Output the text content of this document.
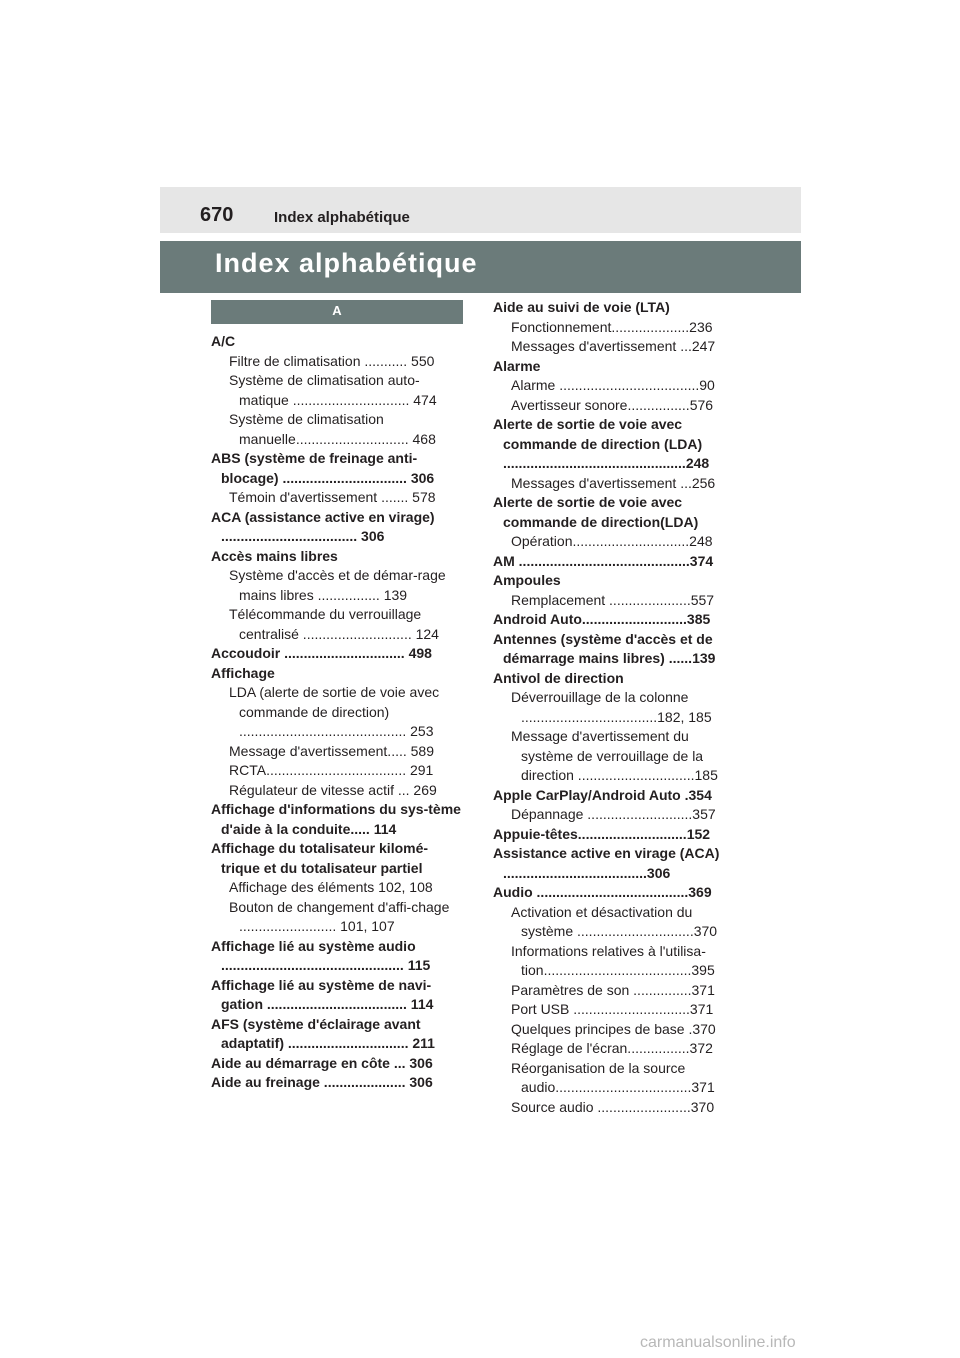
670	Index alphabétique
Index alphabétique
A
A/C
Filtre de climatisation ........... 550
Système de climatisation auto-matique .............................. 474
Système de climatisation manuelle............................. 468
ABS (système de freinage anti-blocage) ................................ 306
Témoin d'avertissement ....... 578
ACA (assistance active en virage) ................................... 306
Accès mains libres
Système d'accès et de démar-rage mains libres ................ 139
Télécommande du verrouillage centralisé ............................ 124
Accoudoir ............................... 498
Affichage
LDA (alerte de sortie de voie avec commande de direction) ........................................... 253
Message d'avertissement..... 589
RCTA.................................... 291
Régulateur de vitesse actif ... 269
Affichage d'informations du sys-tème d'aide à la conduite..... 114
Affichage du totalisateur kilomé-trique et du totalisateur partiel
Affichage des éléments 102, 108
Bouton de changement d'affi-chage ......................... 101, 107
Affichage lié au système audio ............................................... 115
Affichage lié au système de navi-gation .................................... 114
AFS (système d'éclairage avant adaptatif) ............................... 211
Aide au démarrage en côte ... 306
Aide au freinage ..................... 306
Aide au suivi de voie (LTA)
Fonctionnement....................236
Messages d'avertissement ...247
Alarme
Alarme ....................................90
Avertisseur sonore................576
Alerte de sortie de voie avec commande de direction (LDA) ...............................................248
Messages d'avertissement ...256
Alerte de sortie de voie avec commande de direction(LDA)
Opération..............................248
AM ............................................374
Ampoules
Remplacement .....................557
Android Auto...........................385
Antennes (système d'accès et de démarrage mains libres) ......139
Antivol de direction
Déverrouillage de la colonne ...................................182, 185
Message d'avertissement du système de verrouillage de la direction ..............................185
Apple CarPlay/Android Auto .354
Dépannage ...........................357
Appuie-têtes............................152
Assistance active en virage (ACA) .....................................306
Audio .......................................369
Activation et désactivation du système ..............................370
Informations relatives à l'utilisa-tion......................................395
Paramètres de son ...............371
Port USB ..............................371
Quelques principes de base .370
Réglage de l'écran................372
Réorganisation de la source audio...................................371
Source audio ........................370
carmanualsonline.info
